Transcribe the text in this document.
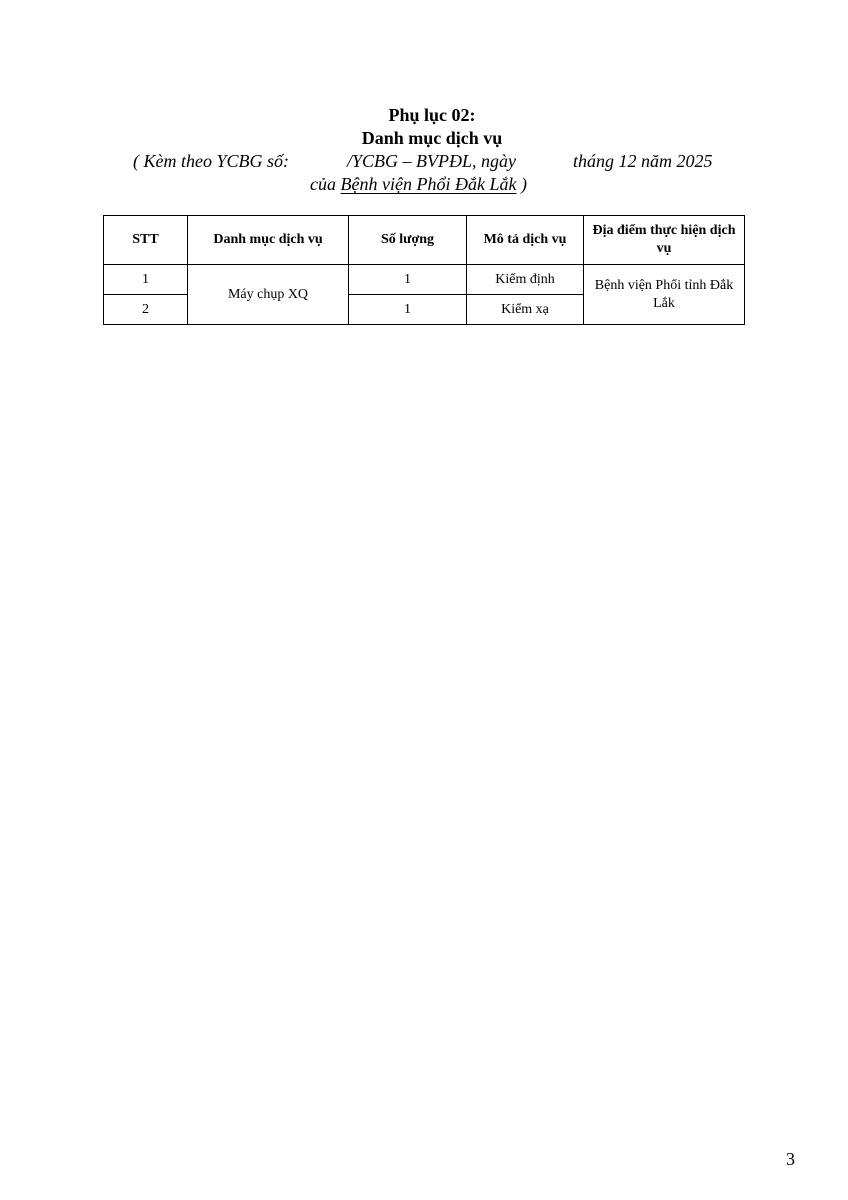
Phụ lục 02:
Danh mục dịch vụ
( Kèm theo YCBG số:	/YCBG – BVPĐL, ngày	tháng 12 năm 2025
của Bệnh viện Phổi Đắk Lắk )
STT	Danh mục dịch vụ	Số lượng	Mô tả dịch vụ	Địa điểm thực hiện dịch vụ
1	Máy chụp XQ	1	Kiểm định	Bệnh viện Phổi tỉnh Đắk Lắk
2		1	Kiểm xạ	
3
